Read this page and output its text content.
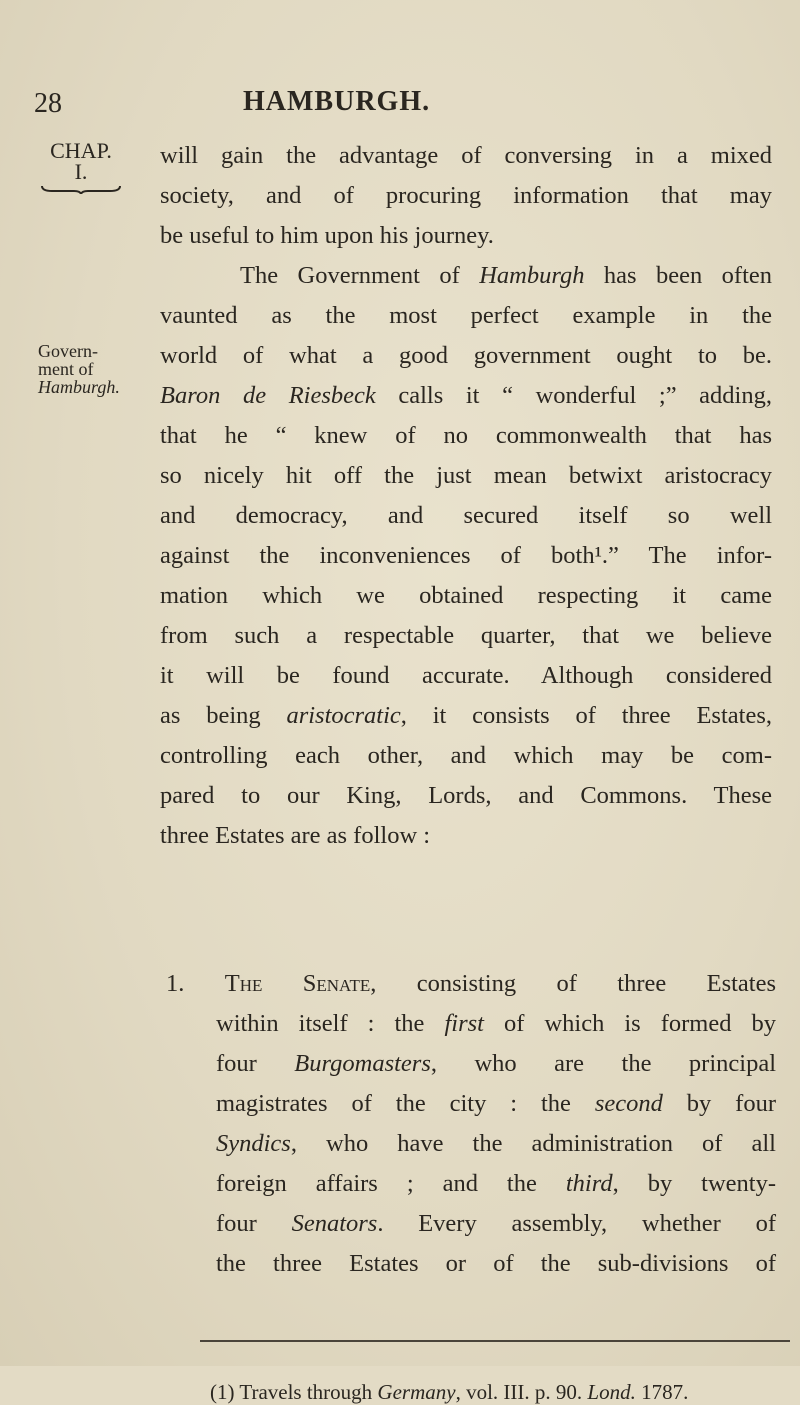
28	HAMBURGH.
CHAP.
I.
Govern-
ment of
Hamburgh.

will gain the advantage of conversing in a mixed

society, and of procuring information that may

be useful to him upon his journey.

The Government of Hamburgh has been often

vaunted as the most perfect example in the

world of what a good government ought to be.

Baron de Riesbeck calls it “ wonderful ;” adding,

that he “ knew of no commonwealth that has

so nicely hit off the just mean betwixt aristocracy

and democracy, and secured itself so well

against the inconveniences of both¹.” The infor-

mation which we obtained respecting it came

from such a respectable quarter, that we believe

it will be found accurate. Although considered

as being aristocratic, it consists of three Estates,

controlling each other, and which may be com-

pared to our King, Lords, and Commons. These

three Estates are as follow :

1. The Senate, consisting of three Estates

within itself : the first of which is formed by

four Burgomasters, who are the principal

magistrates of the city : the second by four

Syndics, who have the administration of all

foreign affairs ; and the third, by twenty-

four Senators. Every assembly, whether of

the three Estates or of the sub-divisions of

(1) Travels through Germany, vol. III. p. 90. Lond. 1787.
